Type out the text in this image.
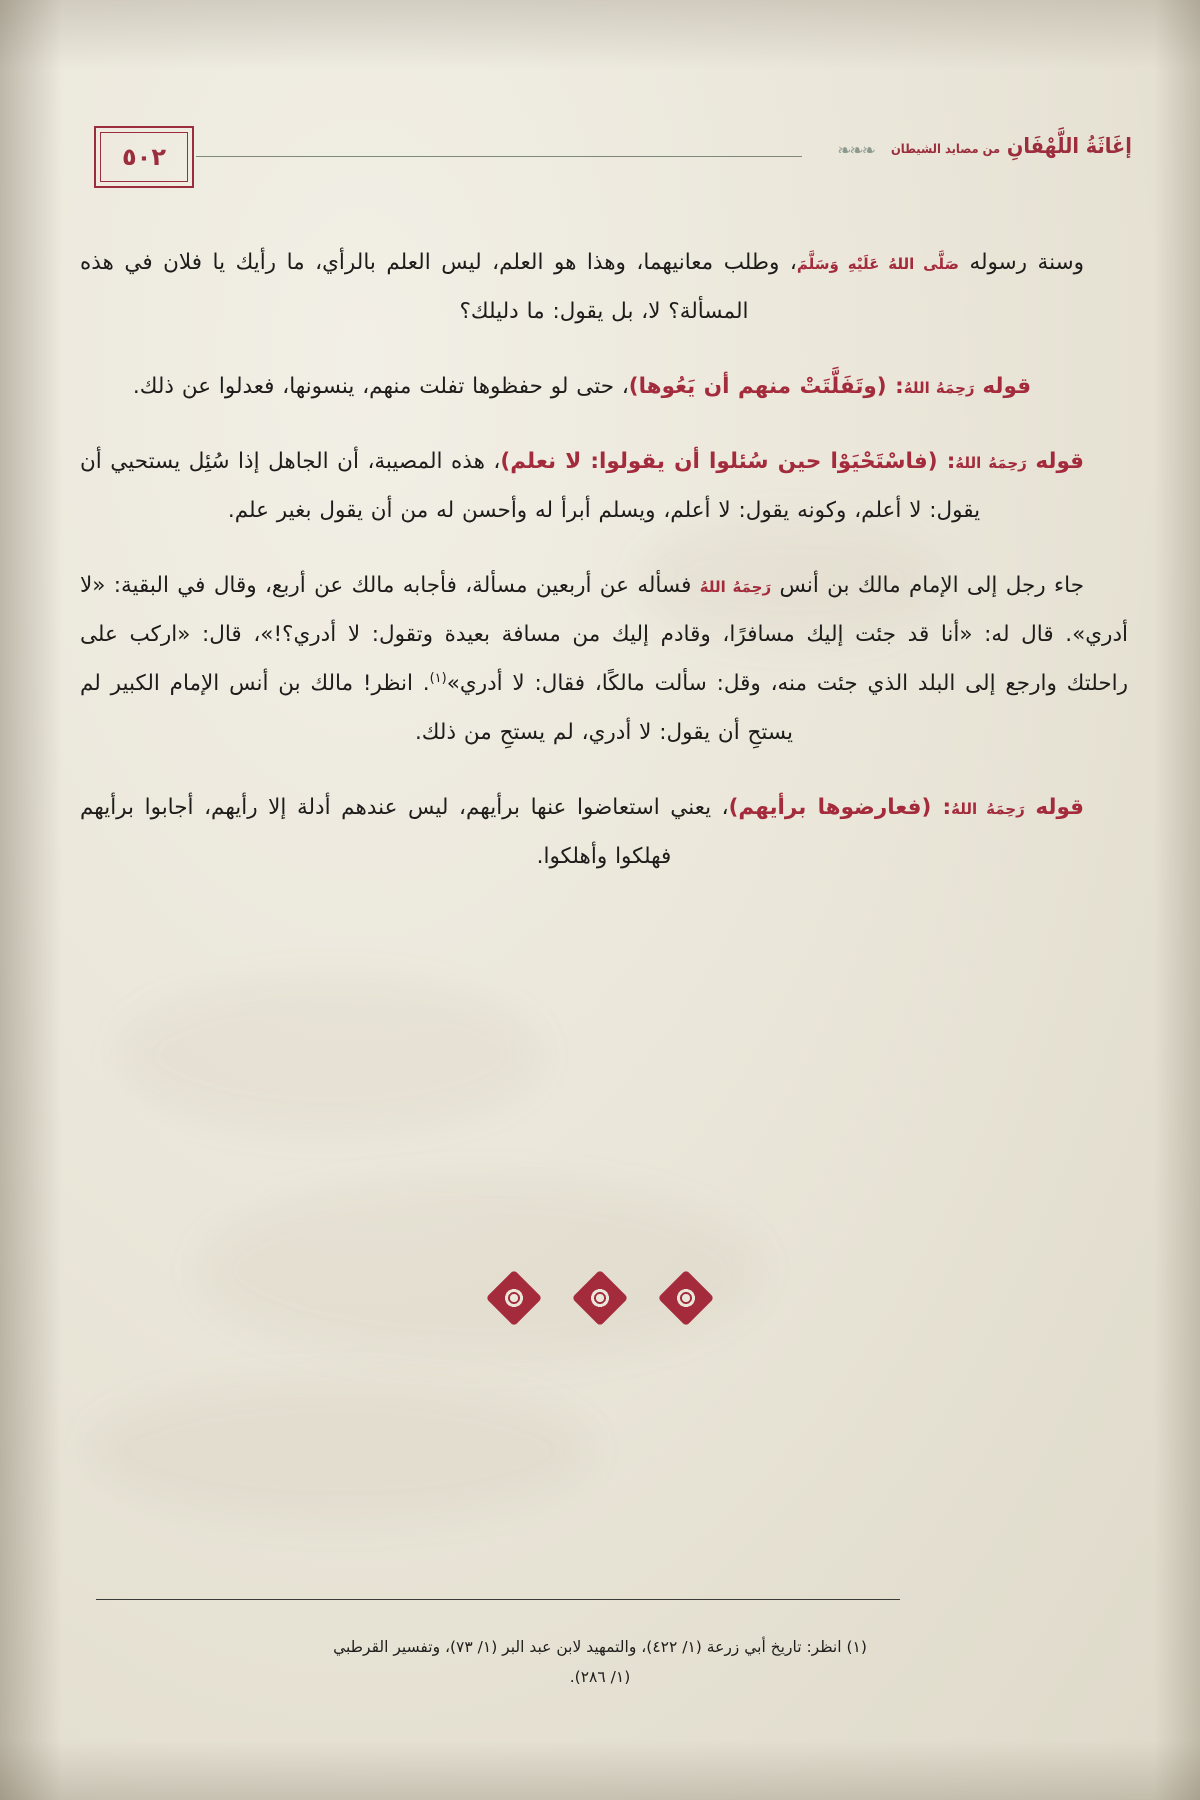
إغَاثَةُ اللَّهْفَانِ من مصايد الشيطان
❧❧❧
٥٠٢

وسنة رسوله صَلَّى اللهُ عَلَيْهِ وَسَلَّمَ، وطلب معانيهما، وهذا هو العلم، ليس العلم بالرأي، ما رأيك يا فلان في هذه المسألة؟ لا، بل يقول: ما دليلك؟

قوله رَحِمَهُ اللهُ: (وتَفَلَّتَتْ منهم أن يَعُوها)، حتى لو حفظوها تفلت منهم، ينسونها، فعدلوا عن ذلك.

قوله رَحِمَهُ اللهُ: (فاسْتَحْيَوْا حين سُئلوا أن يقولوا: لا نعلم)، هذه المصيبة، أن الجاهل إذا سُئِل يستحيي أن يقول: لا أعلم، وكونه يقول: لا أعلم، ويسلم أبرأ له وأحسن له من أن يقول بغير علم.

جاء رجل إلى الإمام مالك بن أنس رَحِمَهُ اللهُ فسأله عن أربعين مسألة، فأجابه مالك عن أربع، وقال في البقية: «لا أدري». قال له: «أنا قد جئت إليك مسافرًا، وقادم إليك من مسافة بعيدة وتقول: لا أدري؟!»، قال: «اركب على راحلتك وارجع إلى البلد الذي جئت منه، وقل: سألت مالكًا، فقال: لا أدري»$^{(١)}$. انظر! مالك بن أنس الإمام الكبير لم يستحِ أن يقول: لا أدري، لم يستحِ من ذلك.

قوله رَحِمَهُ اللهُ: (فعارضوها برأيهم)، يعني استعاضوا عنها برأيهم، ليس عندهم أدلة إلا رأيهم، أجابوا برأيهم فهلكوا وأهلكوا.

(١) انظر: تاريخ أبي زرعة (١/ ٤٢٢)، والتمهيد لابن عبد البر (١/ ٧٣)، وتفسير القرطبي
(١/ ٢٨٦).
